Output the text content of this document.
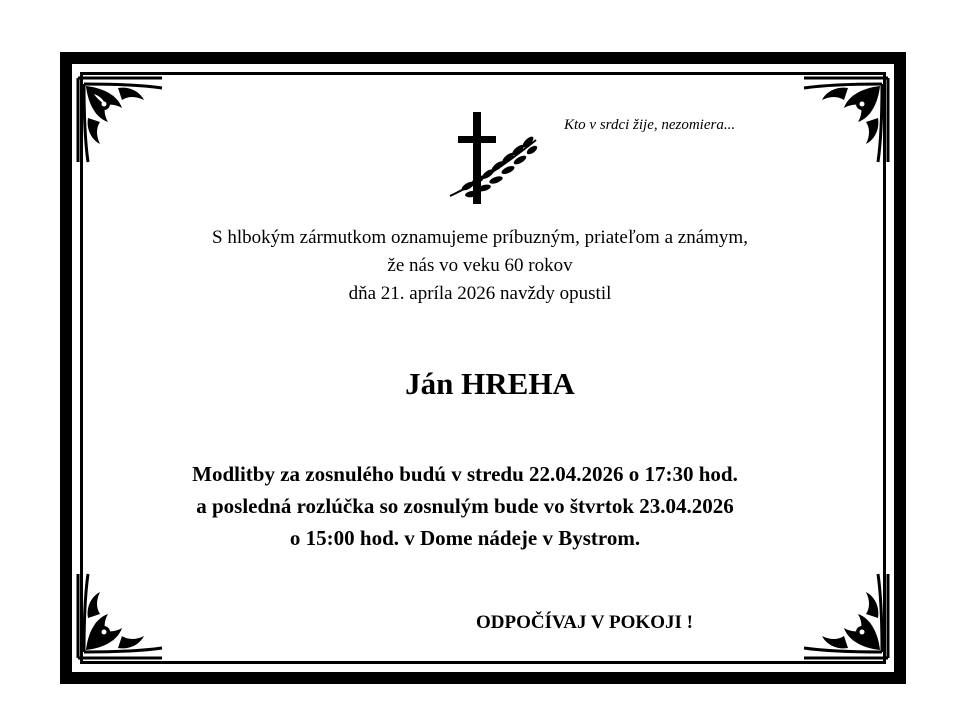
Kto v srdci žije, nezomiera...

S hlbokým zármutkom oznamujeme príbuzným, priateľom a známym,
že nás vo veku 60 rokov
dňa 21. apríla 2026 navždy opustil

Ján HREHA

Modlitby za zosnulého budú v stredu 22.04.2026 o 17:30 hod.
a posledná rozlúčka so zosnulým bude vo štvrtok 23.04.2026
o 15:00 hod. v Dome nádeje v Bystrom.

ODPOČÍVAJ V POKOJI !
